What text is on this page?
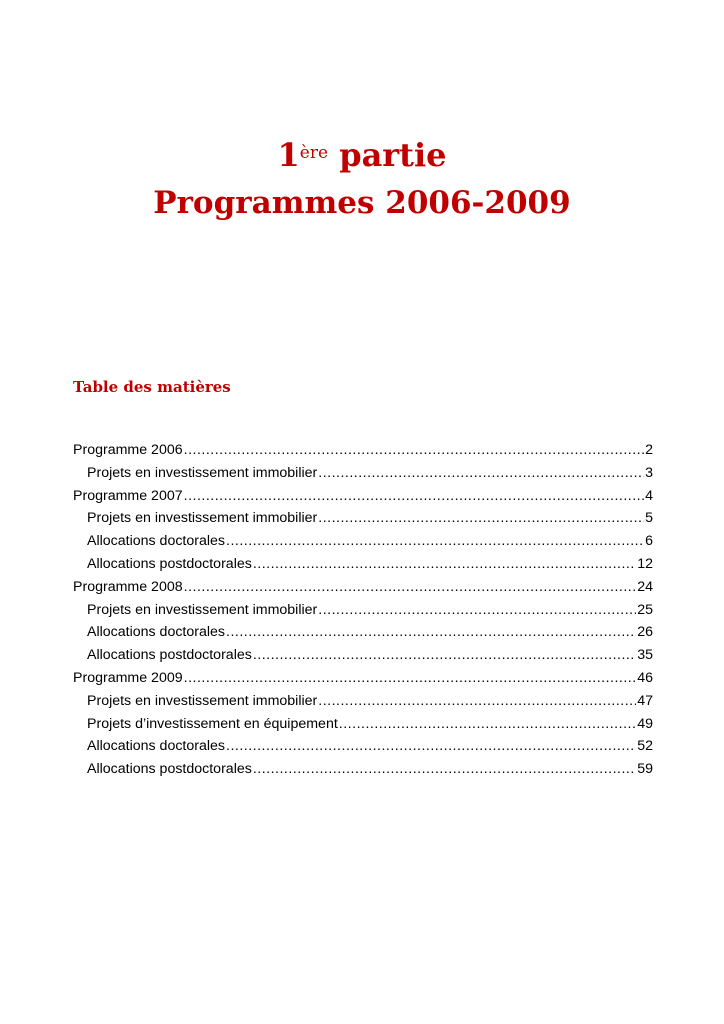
1ère partie
Programmes 2006-2009
Table des matières
Programme 2006 .....	2
Projets en investissement immobilier .....	3
Programme 2007 .....	4
Projets en investissement immobilier .....	5
Allocations doctorales .....	6
Allocations postdoctorales .....	12
Programme 2008 .....	24
Projets en investissement immobilier .....	25
Allocations doctorales .....	26
Allocations postdoctorales .....	35
Programme 2009 .....	46
Projets en investissement immobilier .....	47
Projets d’investissement en équipement .....	49
Allocations doctorales .....	52
Allocations postdoctorales .....	59
